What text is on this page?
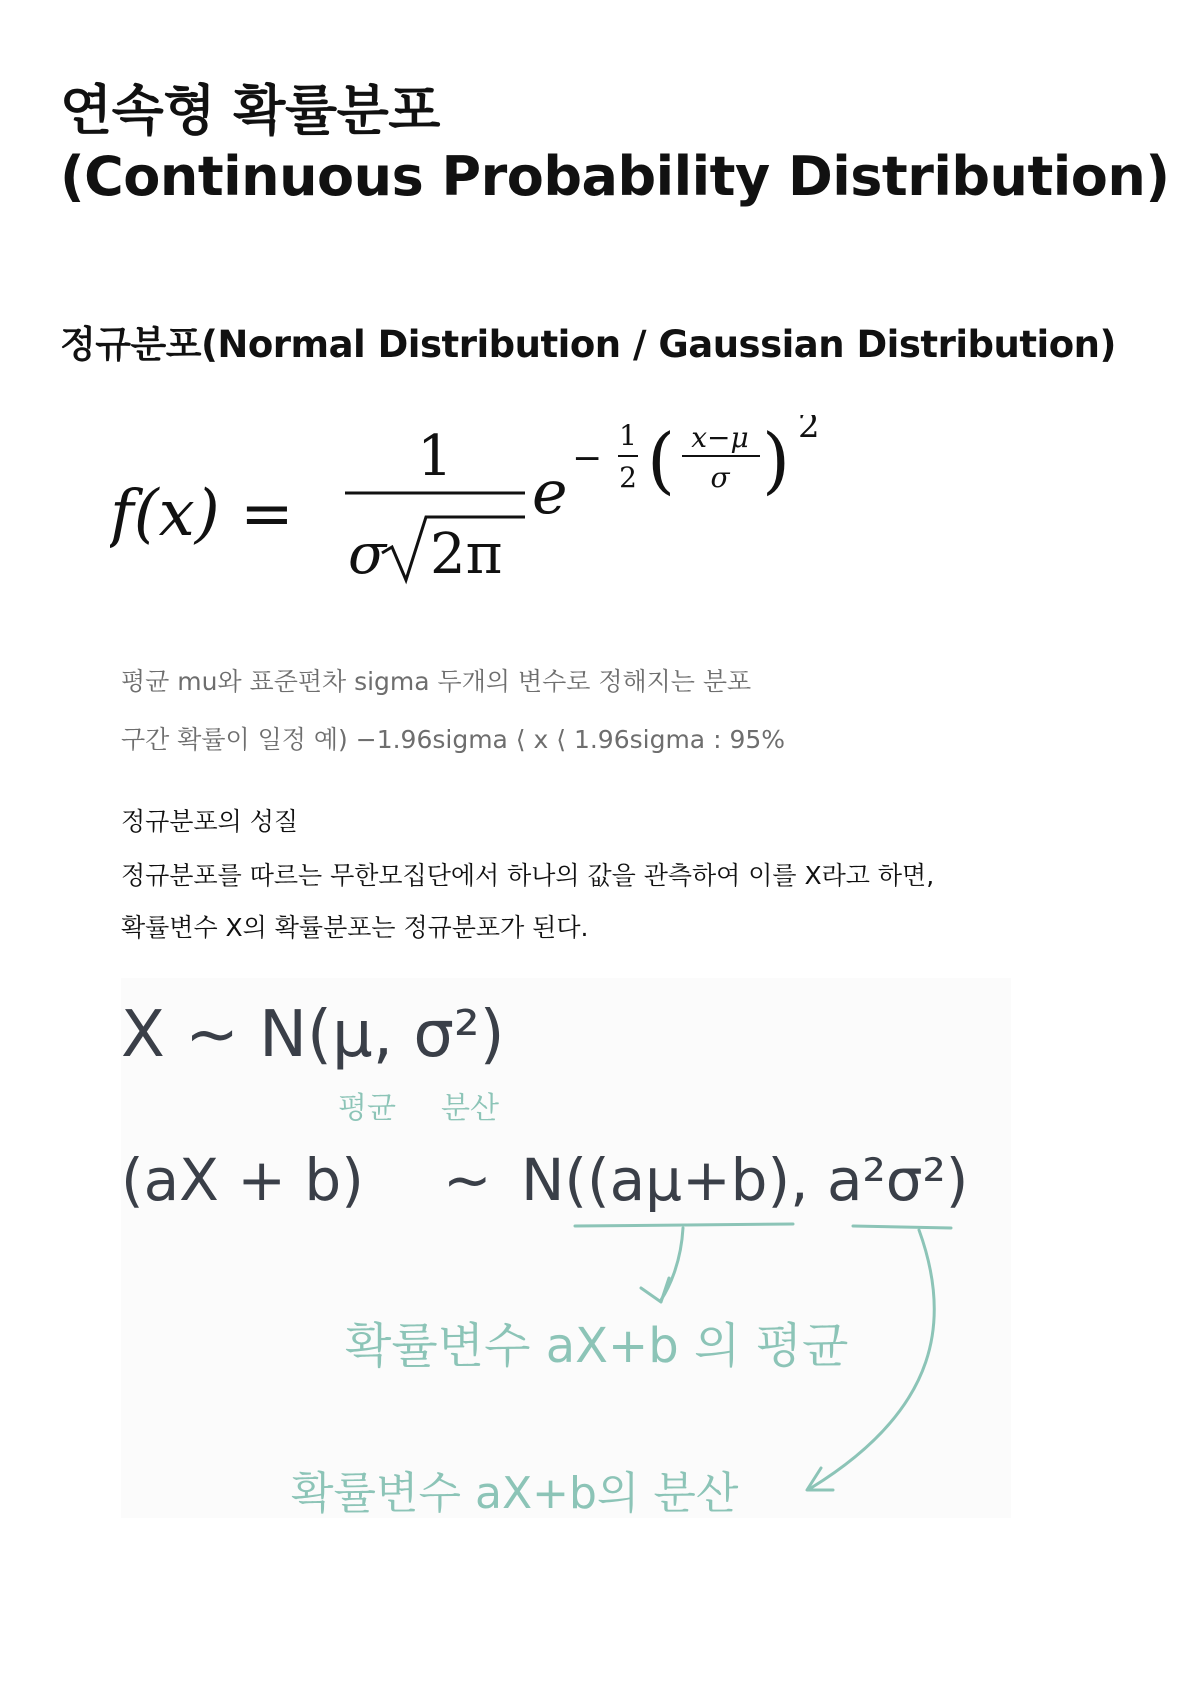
연속형 확률분포
(Continuous Probability Distribution)
정규분포(Normal Distribution / Gaussian Distribution)
f(x) =
1
σ 2π
e −
1
2 ( x−μ
σ ) 2
평균 mu와 표준편차 sigma 두개의 변수로 정해지는 분포
구간 확률이 일정 예) −1.96sigma ⟨ x ⟨ 1.96sigma : 95%
정규분포의 성질
정규분포를 따르는 무한모집단에서 하나의 값을 관측하여 이를 X라고 하면,
확률변수 X의 확률분포는 정규분포가 된다.
X ~ N(μ, σ²)
평균 분산
(aX + b) ~ N((aμ+b), a²σ²)
확률변수 aX+b 의 평균
확률변수 aX+b의 분산
